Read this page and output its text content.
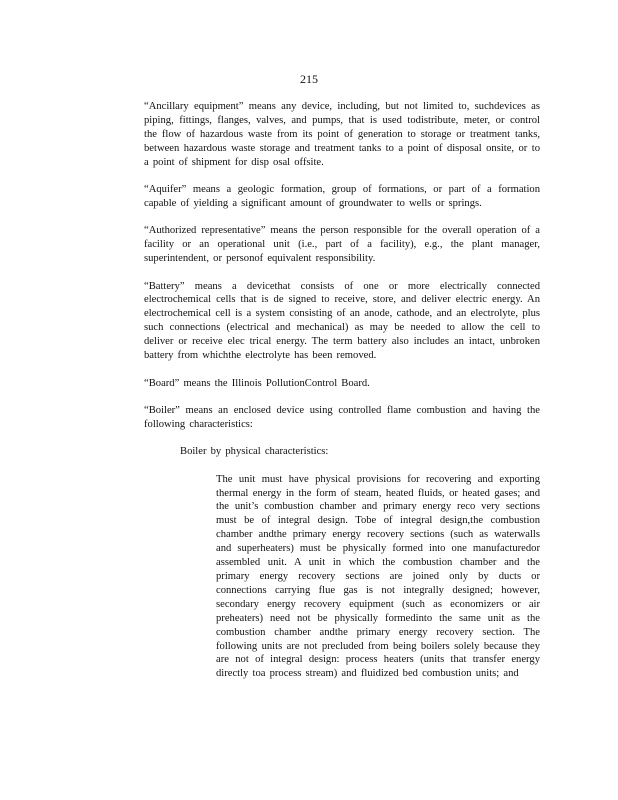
215

“Ancillary equipment” means any device, including, but not limited to, suchdevices as piping, fittings, flanges, valves, and pumps, that is used todistribute, meter, or control the flow of hazardous waste from its point of generation to storage or treatment tanks, between hazardous waste storage and treatment tanks to a point of disposal onsite, or to a point of shipment for disp osal offsite.

“Aquifer” means a geologic formation, group of formations, or part of a formation capable of yielding a significant amount of groundwater to wells or springs.

“Authorized representative” means the person responsible for the overall operation of a facility or an operational unit (i.e., part of a facility), e.g., the plant manager, superintendent, or personof equivalent responsibility.

“Battery” means a devicethat consists of one or more electrically connected electrochemical cells that is de signed to receive, store, and deliver electric energy. An electrochemical cell is a system consisting of an anode, cathode, and an electrolyte, plus such connections (electrical and mechanical) as may be needed to allow the cell to deliver or receive elec trical energy. The term battery also includes an intact, unbroken battery from whichthe electrolyte has been removed.

“Board” means the Illinois PollutionControl Board.

“Boiler” means an enclosed device using controlled flame combustion and having the following characteristics:

Boiler by physical characteristics:

The unit must have physical provisions for recovering and exporting thermal energy in the form of steam, heated fluids, or heated gases; and the unit’s combustion chamber and primary energy reco very sections must be of integral design. Tobe of integral design,the combustion chamber andthe primary energy recovery sections (such as waterwalls and superheaters) must be physically formed into one manufacturedor assembled unit. A unit in which the combustion chamber and the primary energy recovery sections are joined only by ducts or connections carrying flue gas is not integrally designed; however, secondary energy recovery equipment (such as economizers or air preheaters) need not be physically formedinto the same unit as the combustion chamber andthe primary energy recovery section. The following units are not precluded from being boilers solely because they are not of integral design: process heaters (units that transfer energy directly toa process stream) and fluidized bed combustion units; and
